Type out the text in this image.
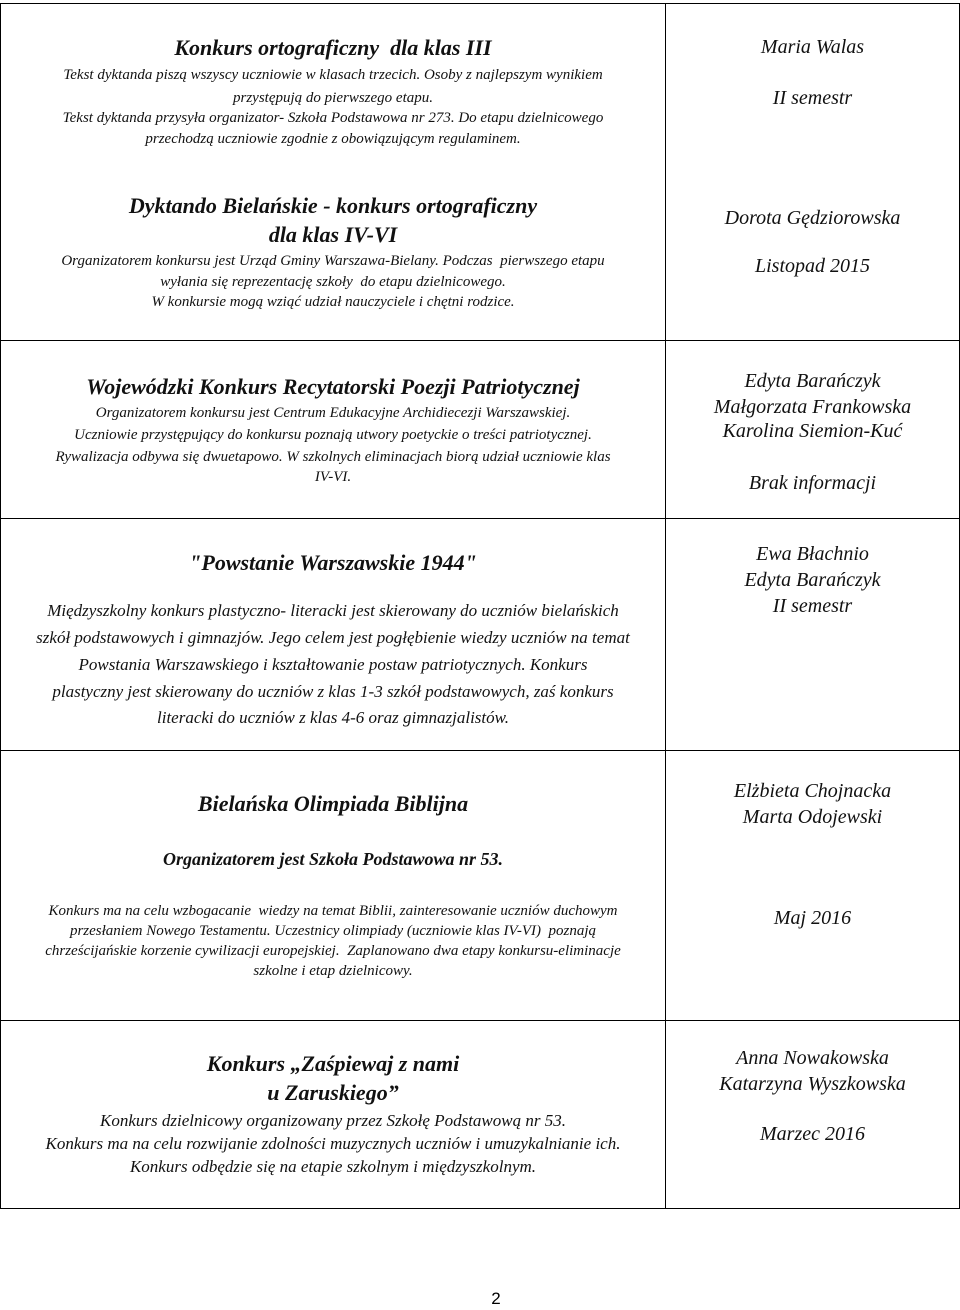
Konkurs ortograficzny  dla klas III
Tekst dyktanda piszą wszyscy uczniowie w klasach trzecich. Osoby z najlepszym wynikiem
przystępują do pierwszego etapu.
Tekst dyktanda przysyła organizator- Szkoła Podstawowa nr 273. Do etapu dzielnicowego
przechodzą uczniowie zgodnie z obowiązującym regulaminem.
Dyktando Bielańskie - konkurs ortograficzny
dla klas IV-VI
Organizatorem konkursu jest Urząd Gminy Warszawa-Bielany. Podczas  pierwszego etapu
wyłania się reprezentację szkoły  do etapu dzielnicowego.
W konkursie mogą wziąć udział nauczyciele i chętni rodzice.
Maria Walas
II semestr
Dorota Gędziorowska
Listopad 2015
Wojewódzki Konkurs Recytatorski Poezji Patriotycznej
Organizatorem konkursu jest Centrum Edukacyjne Archidiecezji Warszawskiej.
Uczniowie przystępujący do konkursu poznają utwory poetyckie o treści patriotycznej.
Rywalizacja odbywa się dwuetapowo. W szkolnych eliminacjach biorą udział uczniowie klas
IV-VI.
Edyta Barańczyk
Małgorzata Frankowska
Karolina Siemion-Kuć
Brak informacji
"Powstanie Warszawskie 1944"
Międzyszkolny konkurs plastyczno- literacki jest skierowany do uczniów bielańskich
szkół podstawowych i gimnazjów. Jego celem jest pogłębienie wiedzy uczniów na temat
Powstania Warszawskiego i kształtowanie postaw patriotycznych. Konkurs
plastyczny jest skierowany do uczniów z klas 1-3 szkół podstawowych, zaś konkurs
literacki do uczniów z klas 4-6 oraz gimnazjalistów.
Ewa Błachnio
Edyta Barańczyk
II semestr
Bielańska Olimpiada Biblijna
Organizatorem jest Szkoła Podstawowa nr 53.
Konkurs ma na celu wzbogacanie  wiedzy na temat Biblii, zainteresowanie uczniów duchowym
przesłaniem Nowego Testamentu. Uczestnicy olimpiady (uczniowie klas IV-VI)  poznają
chrześcijańskie korzenie cywilizacji europejskiej.  Zaplanowano dwa etapy konkursu-eliminacje
szkolne i etap dzielnicowy.
Elżbieta Chojnacka
Marta Odojewski
Maj 2016
Konkurs „Zaśpiewaj z nami
u Zaruskiego”
Konkurs dzielnicowy organizowany przez Szkołę Podstawową nr 53.
Konkurs ma na celu rozwijanie zdolności muzycznych uczniów i umuzykalnianie ich.
Konkurs odbędzie się na etapie szkolnym i międzyszkolnym.
Anna Nowakowska
Katarzyna Wyszkowska
Marzec 2016
2
